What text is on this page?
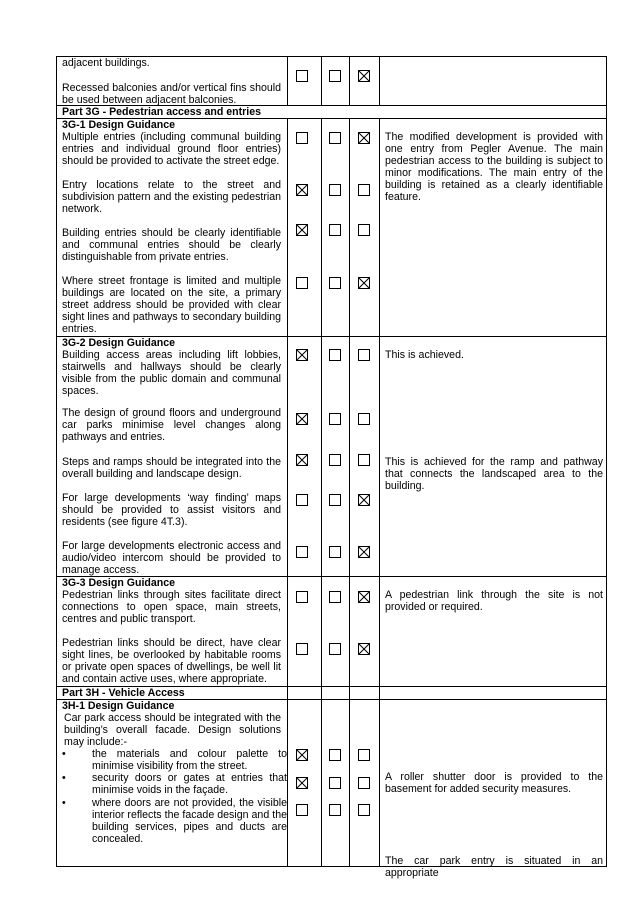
adjacent buildings.

Recessed balconies and/or vertical fins should be used between adjacent balconies.

Part 3G - Pedestrian access and entries
3G-1 Design Guidance

Multiple entries (including communal building entries and individual ground floor entries) should be provided to activate the street edge.

Entry locations relate to the street and subdivision pattern and the existing pedestrian network.

Building entries should be clearly identifiable and communal entries should be clearly distinguishable from private entries.

Where street frontage is limited and multiple buildings are located on the site, a primary street address should be provided with clear sight lines and pathways to secondary building entries.

The modified development is provided with one entry from Pegler Avenue. The main pedestrian access to the building is subject to minor modifications. The main entry of the building is retained as a clearly identifiable feature.
3G-2 Design Guidance

Building access areas including lift lobbies, stairwells and hallways should be clearly visible from the public domain and communal spaces.

The design of ground floors and underground car parks minimise level changes along pathways and entries.

Steps and ramps should be integrated into the overall building and landscape design.

For large developments ‘way finding’ maps should be provided to assist visitors and residents (see figure 4T.3).

For large developments electronic access and audio/video intercom should be provided to manage access.

This is achieved.
This is achieved for the ramp and pathway that connects the landscaped area to the building.
3G-3 Design Guidance

Pedestrian links through sites facilitate direct connections to open space, main streets, centres and public transport.

Pedestrian links should be direct, have clear sight lines, be overlooked by habitable rooms or private open spaces of dwellings, be well lit and contain active uses, where appropriate.

A pedestrian link through the site is not provided or required.
Part 3H - Vehicle Access
3H-1 Design Guidance

Car park access should be integrated with the building’s overall facade. Design solutions may include:-

• the materials and colour palette to minimise visibility from the street.
• security doors or gates at entries that minimise voids in the façade.
• where doors are not provided, the visible interior reflects the facade design and the building services, pipes and ducts are concealed.
A roller shutter door is provided to the basement for added security measures.
The car park entry is situated in an appropriate
